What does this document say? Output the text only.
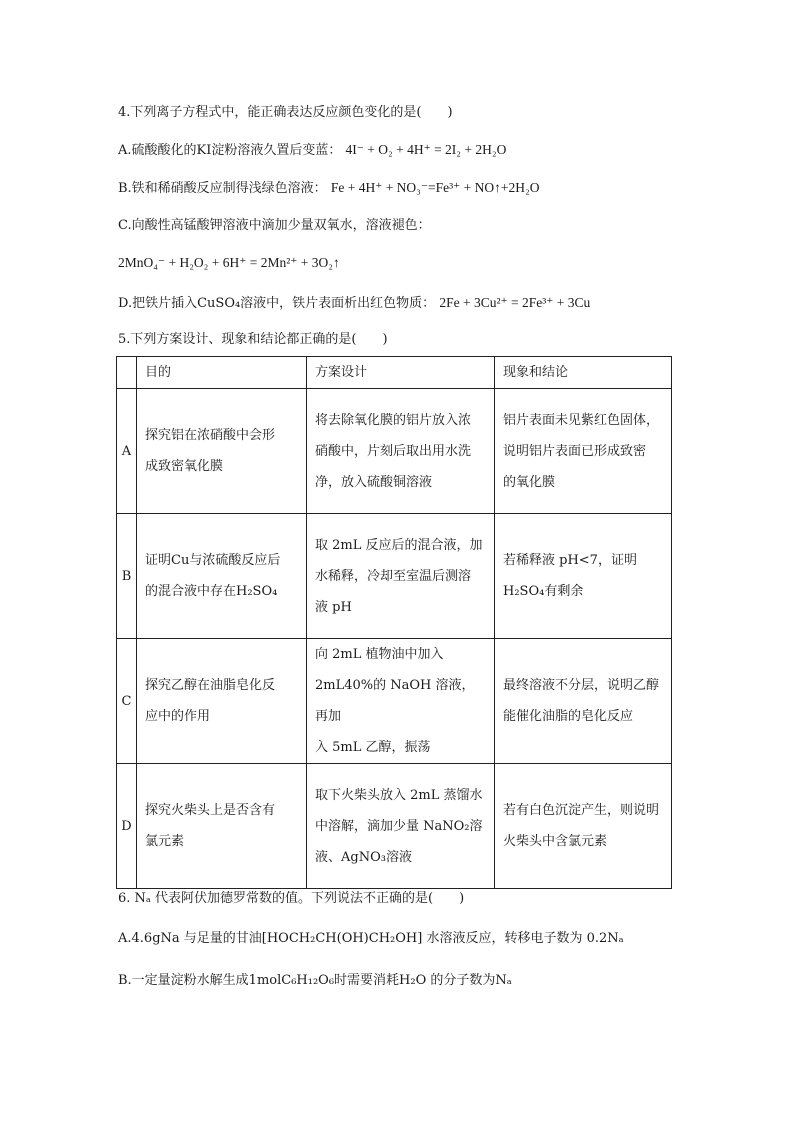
4.下列离子方程式中，能正确表达反应颜色变化的是(　　)
A.硫酸酸化的KI淀粉溶液久置后变蓝： 4I⁻ + O₂ + 4H⁺ = 2I₂ + 2H₂O
B.铁和稀硝酸反应制得浅绿色溶液： Fe + 4H⁺ + NO₃⁻=Fe³⁺ + NO↑+2H₂O
C.向酸性高锰酸钾溶液中滴加少量双氧水，溶液褪色：
2MnO₄⁻ + H₂O₂ + 6H⁺ = 2Mn²⁺ + 3O₂↑
D.把铁片插入CuSO₄溶液中，铁片表面析出红色物质： 2Fe + 3Cu²⁺ = 2Fe³⁺ + 3Cu
5.下列方案设计、现象和结论都正确的是(　　)
	目的	方案设计	现象和结论
A	探究铝在浓硝酸中会形
成致密氧化膜	将去除氧化膜的铝片放入浓
硝酸中，片刻后取出用水洗
净，放入硫酸铜溶液	铝片表面未见紫红色固体，
说明铝片表面已形成致密
的氧化膜
B	证明Cu与浓硫酸反应后
的混合液中存在H₂SO₄	取 2mL 反应后的混合液，加
水稀释，冷却至室温后测溶
液 pH	若稀释液 pH<7，证明
H₂SO₄有剩余
C	探究乙醇在油脂皂化反
应中的作用	向 2mL 植物油中加入
2mL40%的 NaOH 溶液，再加
入 5mL 乙醇，振荡	最终溶液不分层，说明乙醇
能催化油脂的皂化反应
D	探究火柴头上是否含有
氯元素	取下火柴头放入 2mL 蒸馏水
中溶解，滴加少量 NaNO₂溶
液、AgNO₃溶液	若有白色沉淀产生，则说明
火柴头中含氯元素
6. Nₐ 代表阿伏加德罗常数的值。下列说法不正确的是(　　)
A.4.6gNa 与足量的甘油[HOCH₂CH(OH)CH₂OH] 水溶液反应，转移电子数为 0.2Nₐ
B.一定量淀粉水解生成1molC₆H₁₂O₆时需要消耗H₂O 的分子数为Nₐ
